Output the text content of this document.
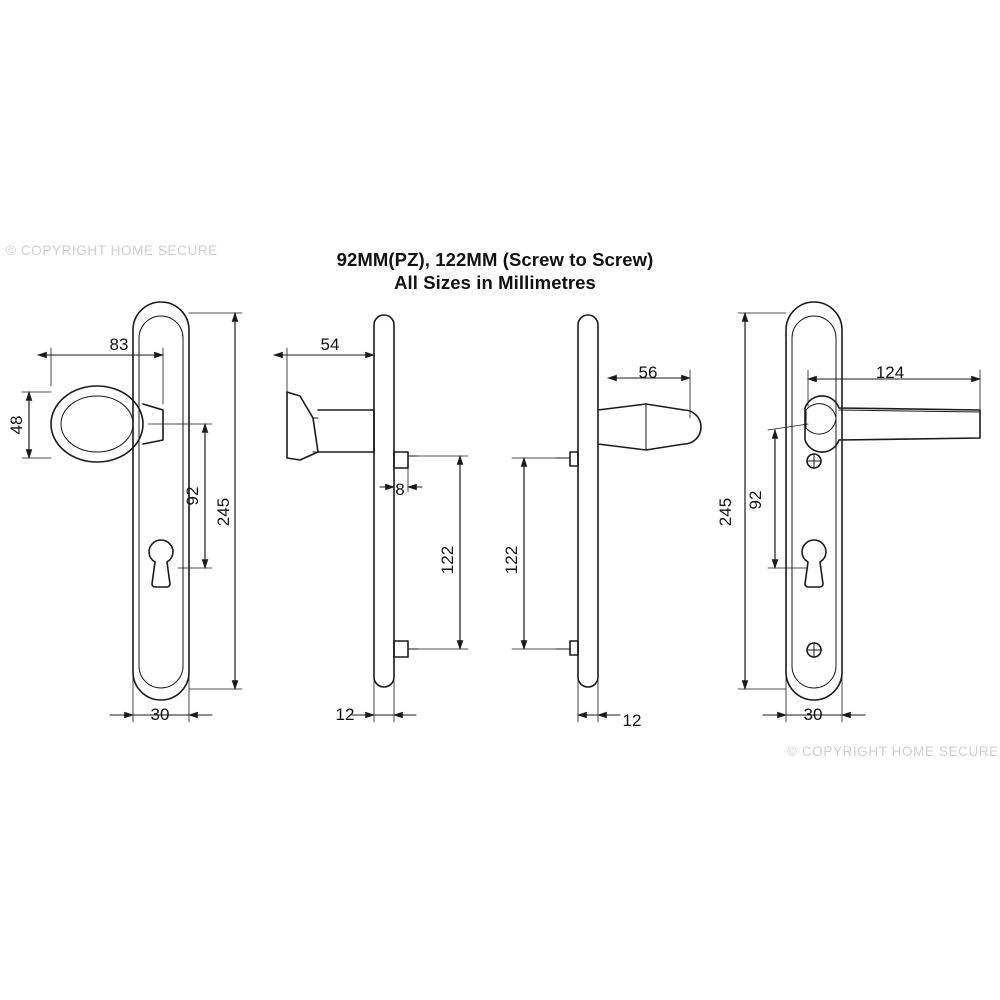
© COPYRIGHT HOME SECURE
© COPYRIGHT HOME SECURE
92MM(PZ), 122MM (Screw to Screw)
All Sizes in Millimetres
83
48
92
245
30
54
8
122
12
56
122
12
124
245 92
30
